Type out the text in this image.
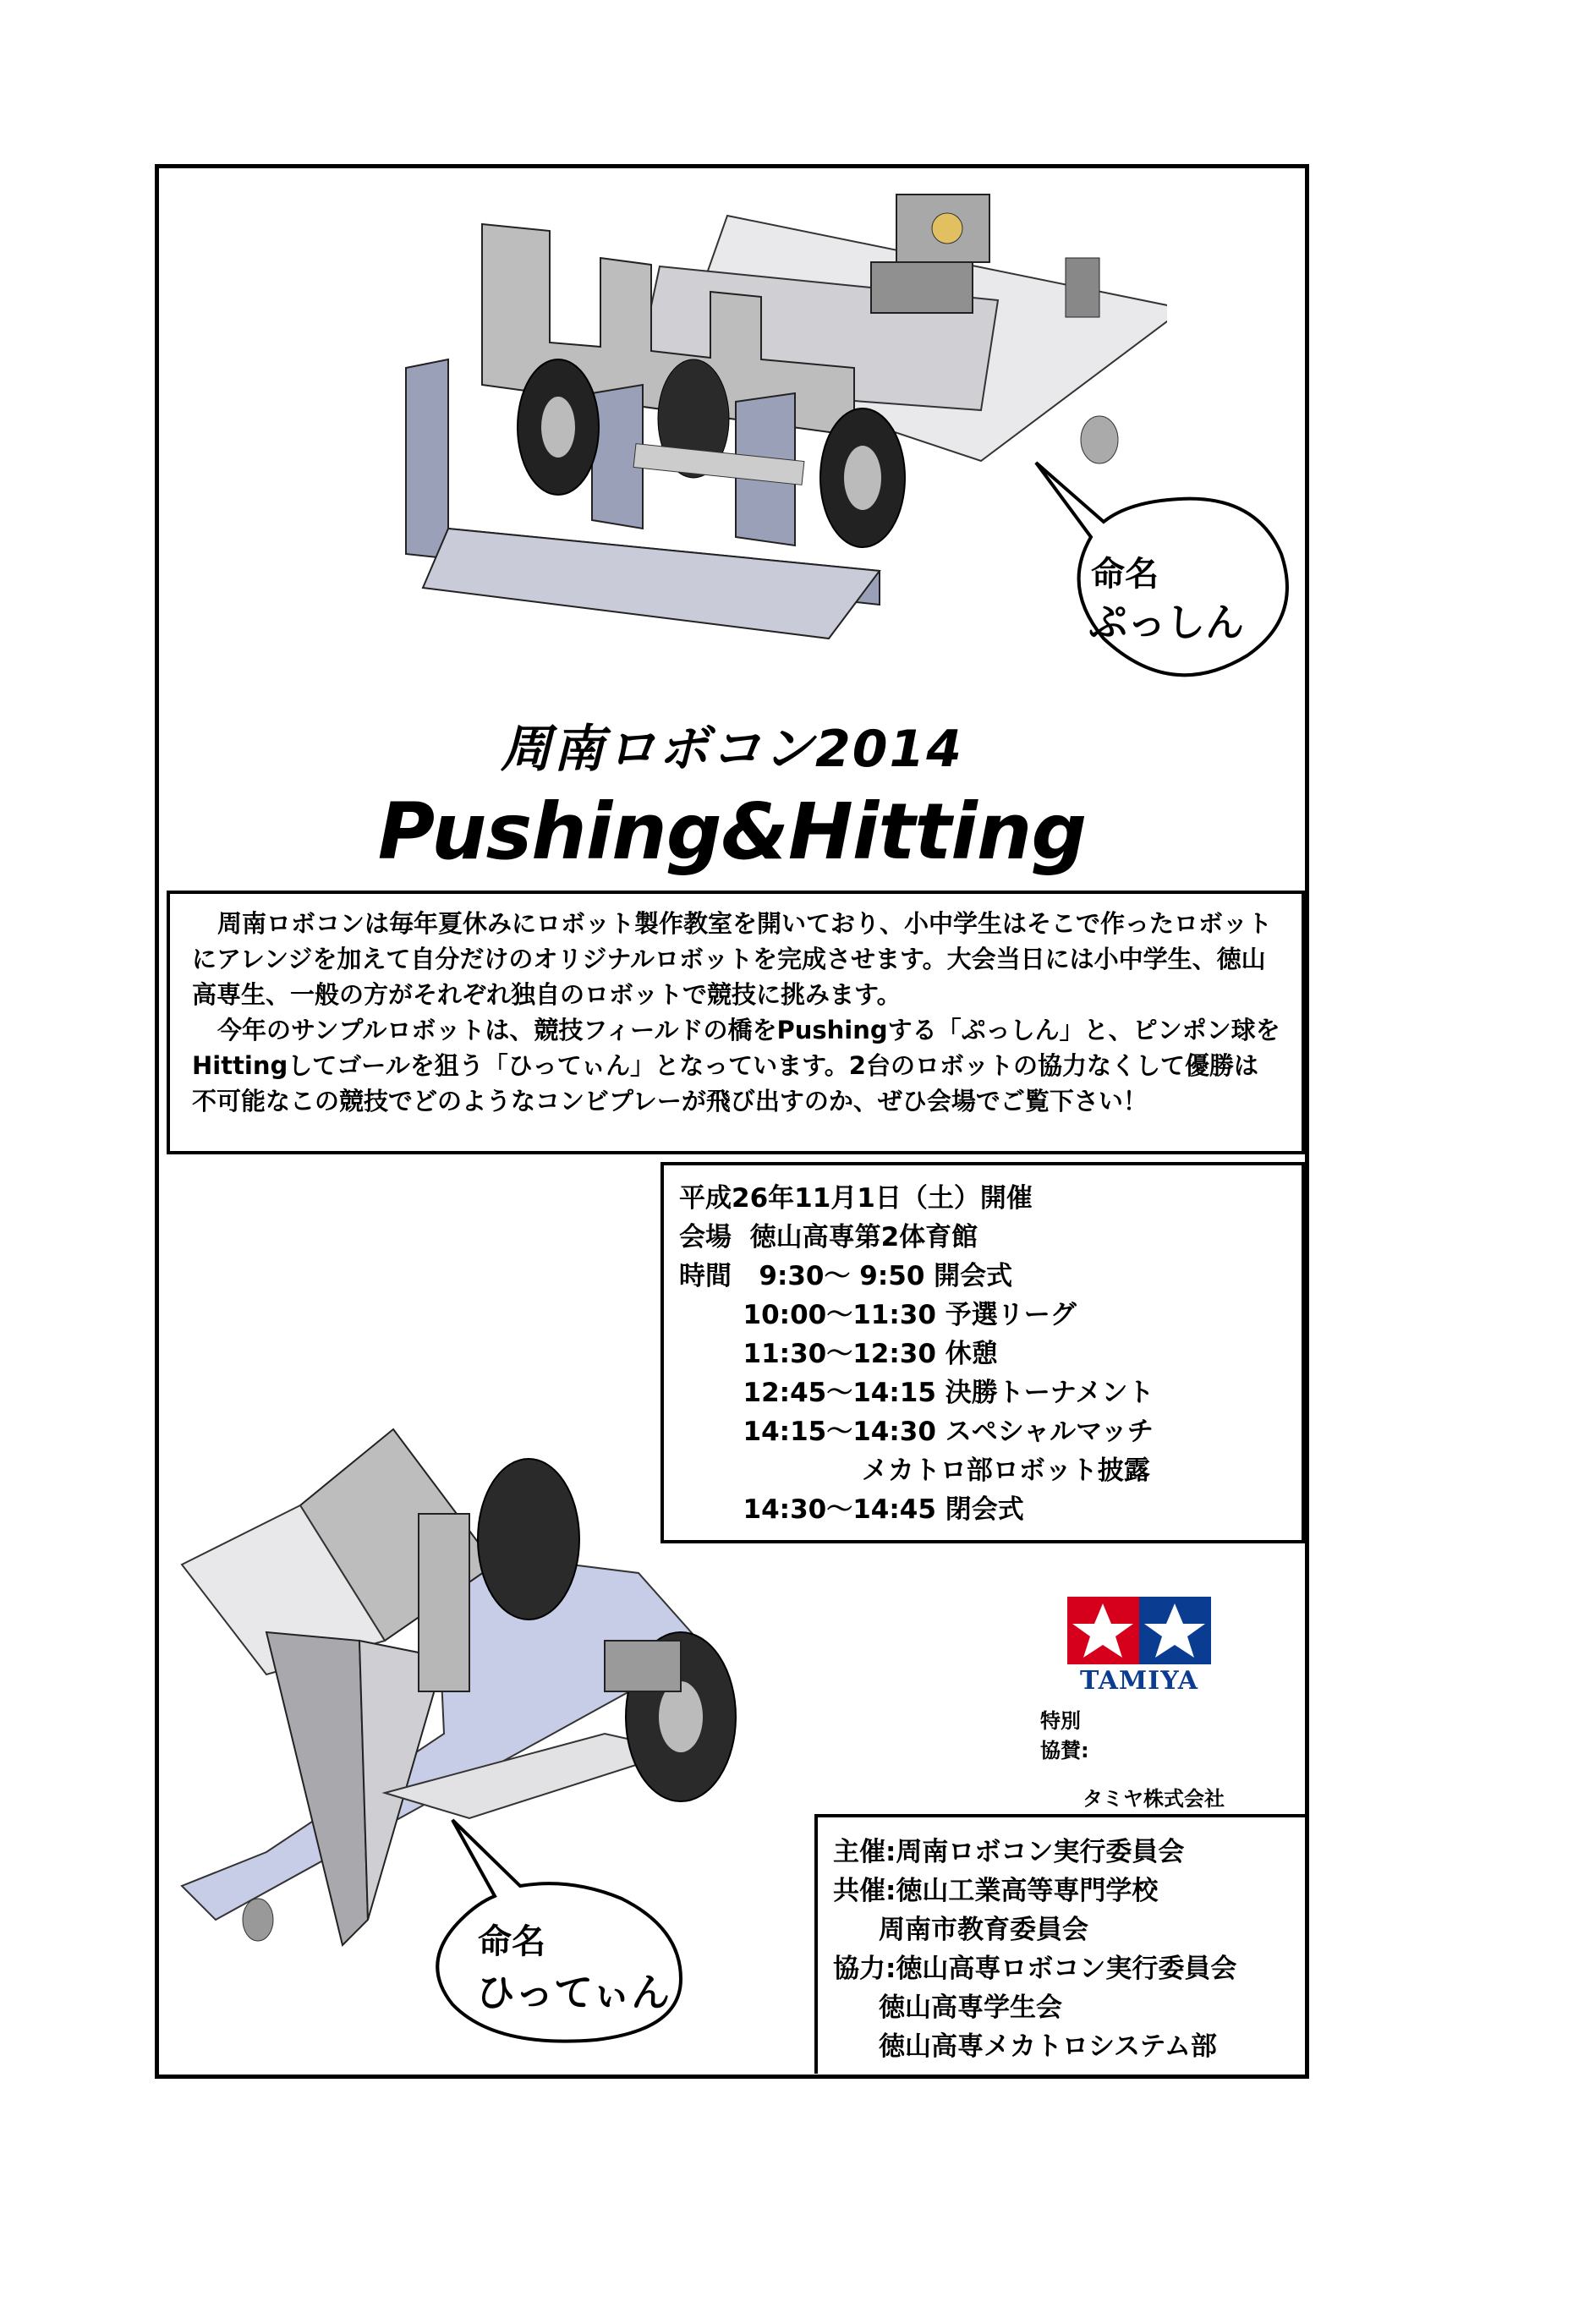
命名
ぷっしん
周南ロボコン2014
Pushing&Hitting

周南ロボコンは毎年夏休みにロボット製作教室を開いており、小中学生はそこで作ったロボットにアレンジを加えて自分だけのオリジナルロボットを完成させます。大会当日には小中学生、徳山高専生、一般の方がそれぞれ独自のロボットで競技に挑みます。

今年のサンプルロボットは、競技フィールドの橋をPushingする「ぷっしん」と、ピンポン球をHittingしてゴールを狙う「ひってぃん」となっています。2台のロボットの協力なくして優勝は不可能なこの競技でどのようなコンビプレーが飛び出すのか、ぜひ会場でご覧下さい！

平成26年11月1日（土）開催
会場  徳山高専第2体育館
時間   9:30～ 9:50 開会式
10:00～11:30 予選リーグ
11:30～12:30 休憩
12:45～14:15 決勝トーナメント
14:15～14:30 スペシャルマッチ
メカトロ部ロボット披露
14:30～14:45 閉会式
命名
ひってぃん
TAMIYA
特別協賛:
タミヤ株式会社
主催:周南ロボコン実行委員会
共催:徳山工業高等専門学校
周南市教育委員会
協力:徳山高専ロボコン実行委員会
徳山高専学生会
徳山高専メカトロシステム部
